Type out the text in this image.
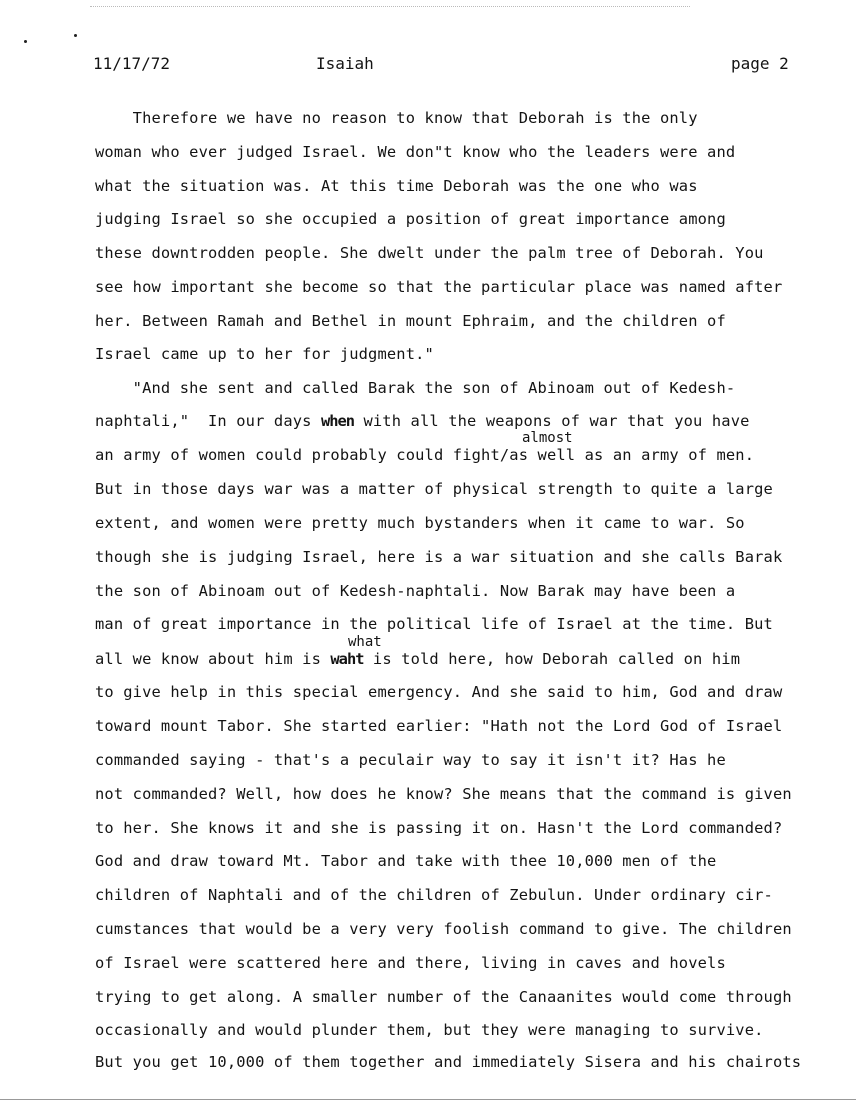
11/17/72	Isaiah	page 2
Therefore we have no reason to know that Deborah is the only
woman who ever judged Israel. We don"t know who the leaders were and
what the situation was. At this time Deborah was the one who was
judging Israel so she occupied a position of great importance among
these downtrodden people. She dwelt under the palm tree of Deborah. You
see how important she become so that the particular place was named after
her. Between Ramah and Bethel in mount Ephraim, and the children of
Israel came up to her for judgment."
"And she sent and called Barak the son of Abinoam out of Kedesh-
naphtali,"  In our days when with all the weapons of war that you have
almost
an army of women could probably could fight/as well as an army of men.
But in those days war was a matter of physical strength to quite a large
extent, and women were pretty much bystanders when it came to war. So
though she is judging Israel, here is a war situation and she calls Barak
the son of Abinoam out of Kedesh-naphtali. Now Barak may have been a
man of great importance in the political life of Israel at the time. But
what
all we know about him is waht is told here, how Deborah called on him
to give help in this special emergency. And she said to him, God and draw
toward mount Tabor. She started earlier: "Hath not the Lord God of Israel
commanded saying - that's a peculair way to say it isn't it? Has he
not commanded? Well, how does he know? She means that the command is given
to her. She knows it and she is passing it on. Hasn't the Lord commanded?
God and draw toward Mt. Tabor and take with thee 10,000 men of the
children of Naphtali and of the children of Zebulun. Under ordinary cir-
cumstances that would be a very very foolish command to give. The children
of Israel were scattered here and there, living in caves and hovels
trying to get along. A smaller number of the Canaanites would come through
occasionally and would plunder them, but they were managing to survive.
But you get 10,000 of them together and immediately Sisera and his chairots
